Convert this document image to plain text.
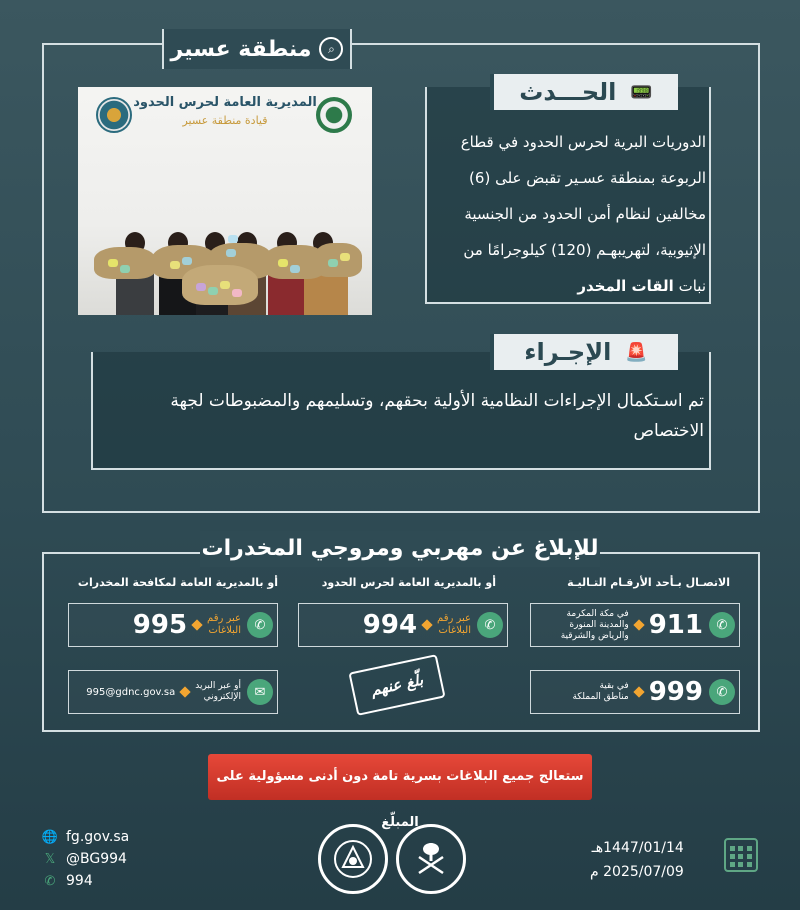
⌕
منطقة عسير
المديرية العامة لحرس الحدود
قيادة منطقة عسير
📟
الحـــدث
الدوريات البرية لحرس الحدود في قطاع
الربوعة بمنطقة عسـير تقبض على (6)
مخالفين لنظام أمن الحدود من الجنسية
الإثيوبية، لتهريبهـم (120) كيلوجرامًا من
نبات القات المخدر
🚨
الإجـراء
تم اسـتكمال الإجراءات النظامية الأولية بحقهم، وتسليمهم والمضبوطات لجهة الاختصاص
للإبلاغ عن مهربي ومروجي المخدرات
الاتصـال بـأحد الأرقـام التـاليـة
أو بالمديرية العامة لحرس الحدود
أو بالمديرية العامة لمكافحة المخدرات
✆
911
في مكة المكرمة
والمدينة المنورة
والرياض والشرقية
✆
999
في بقية
مناطق المملكة
✆
عبر رقم
البلاغات
994
✆
عبر رقم
البلاغات
995
✉
أو عبر البريد
الإلكتروني
995@gdnc.gov.sa	بلّغ عنهم
ستعالج جميع البلاغات بسرية تامة دون أدنى مسؤولية على المبلّغ
🌐 fg.gov.sa
𝕏 @BG994
✆ 994
1447/01/14هـ
2025/07/09 م
